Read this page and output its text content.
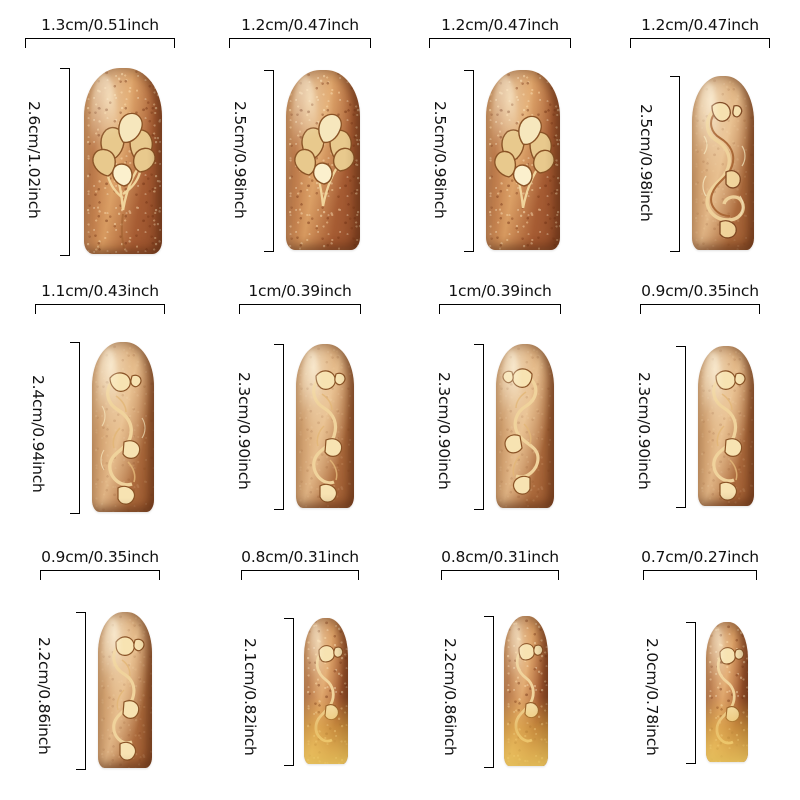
1.3cm/0.51inch
2.6cm/1.02inch
1.2cm/0.47inch
2.5cm/0.98inch
1.2cm/0.47inch
2.5cm/0.98inch
1.2cm/0.47inch
2.5cm/0.98inch
1.1cm/0.43inch
2.4cm/0.94inch
1cm/0.39inch
2.3cm/0.90inch
1cm/0.39inch
2.3cm/0.90inch
0.9cm/0.35inch
2.3cm/0.90inch
0.9cm/0.35inch
2.2cm/0.86inch
0.8cm/0.31inch
2.1cm/0.82inch
0.8cm/0.31inch
2.2cm/0.86inch
0.7cm/0.27inch
2.0cm/0.78inch
